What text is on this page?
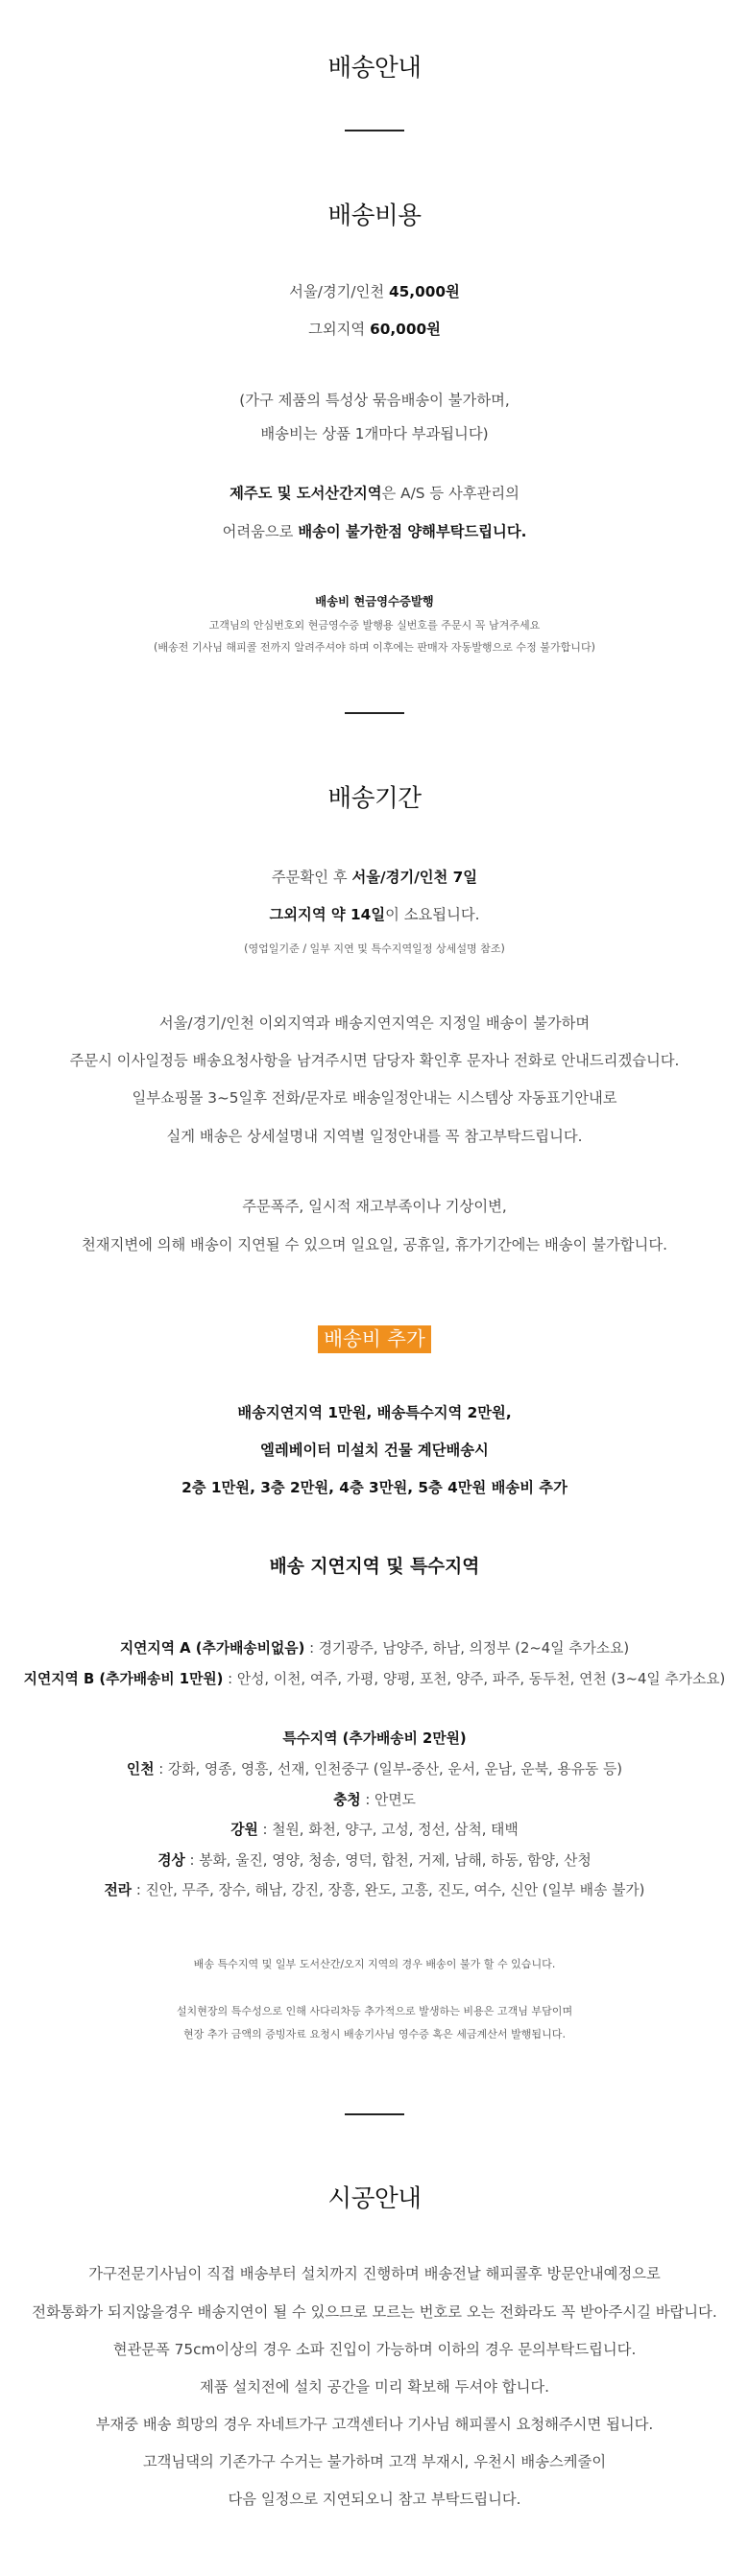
배송안내
배송비용
서울/경기/인천 45,000원
그외지역 60,000원
(가구 제품의 특성상 묶음배송이 불가하며,
배송비는 상품 1개마다 부과됩니다)
제주도 및 도서산간지역은 A/S 등 사후관리의
어려움으로 배송이 불가한점 양해부탁드립니다.
배송비 현금영수증발행
고객님의 안심번호외 현금영수증 발행용 실번호를 주문시 꼭 남겨주세요
(배송전 기사님 해피콜 전까지 알려주셔야 하며 이후에는 판매자 자동발행으로 수정 불가합니다)
배송기간
주문확인 후 서울/경기/인천 7일
그외지역 약 14일이 소요됩니다.
(영업일기준 / 일부 지연 및 특수지역일정 상세설명 참조)
서울/경기/인천 이외지역과 배송지연지역은 지정일 배송이 불가하며
주문시 이사일정등 배송요청사항을 남겨주시면 담당자 확인후 문자나 전화로 안내드리겠습니다.
일부쇼핑몰 3~5일후 전화/문자로 배송일정안내는 시스템상 자동표기안내로
실게 배송은 상세설명내 지역별 일정안내를 꼭 참고부탁드립니다.
주문폭주, 일시적 재고부족이나 기상이변,
천재지변에 의해 배송이 지연될 수 있으며 일요일, 공휴일, 휴가기간에는 배송이 불가합니다.
배송비 추가
배송지연지역 1만원, 배송특수지역 2만원,
엘레베이터 미설치 건물 계단배송시
2층 1만원, 3층 2만원, 4층 3만원, 5층 4만원 배송비 추가
배송 지연지역 및 특수지역
지연지역 A (추가배송비없음) : 경기광주, 남양주, 하남, 의정부 (2~4일 추가소요)
지연지역 B (추가배송비 1만원) : 안성, 이천, 여주, 가평, 양평, 포천, 양주, 파주, 동두천, 연천 (3~4일 추가소요)
특수지역 (추가배송비 2만원)
인천 : 강화, 영종, 영흥, 선재, 인천중구 (일부-중산, 운서, 운남, 운북, 용유동 등)
충청 : 안면도
강원 : 철원, 화천, 양구, 고성, 정선, 삼척, 태백
경상 : 봉화, 울진, 영양, 청송, 영덕, 합천, 거제, 남해, 하동, 함양, 산청
전라 : 진안, 무주, 장수, 해남, 강진, 장흥, 완도, 고흥, 진도, 여수, 신안 (일부 배송 불가)
배송 특수지역 및 일부 도서산간/오지 지역의 경우 배송이 불가 할 수 있습니다.
설치현장의 특수성으로 인해 사다리차등 추가적으로 발생하는 비용은 고객님 부담이며
현장 추가 금액의 증빙자료 요청시 배송기사님 영수증 혹은 세금계산서 발행됩니다.
시공안내
가구전문기사님이 직접 배송부터 설치까지 진행하며 배송전날 해피콜후 방문안내예정으로
전화통화가 되지않을경우 배송지연이 될 수 있으므로 모르는 번호로 오는 전화라도 꼭 받아주시길 바랍니다.
현관문폭 75cm이상의 경우 소파 진입이 가능하며 이하의 경우 문의부탁드립니다.
제품 설치전에 설치 공간을 미리 확보해 두셔야 합니다.
부재중 배송 희망의 경우 자네트가구 고객센터나 기사님 해피콜시 요청해주시면 됩니다.
고객님댁의 기존가구 수거는 불가하며 고객 부재시, 우천시 배송스케줄이
다음 일정으로 지연되오니 참고 부탁드립니다.
